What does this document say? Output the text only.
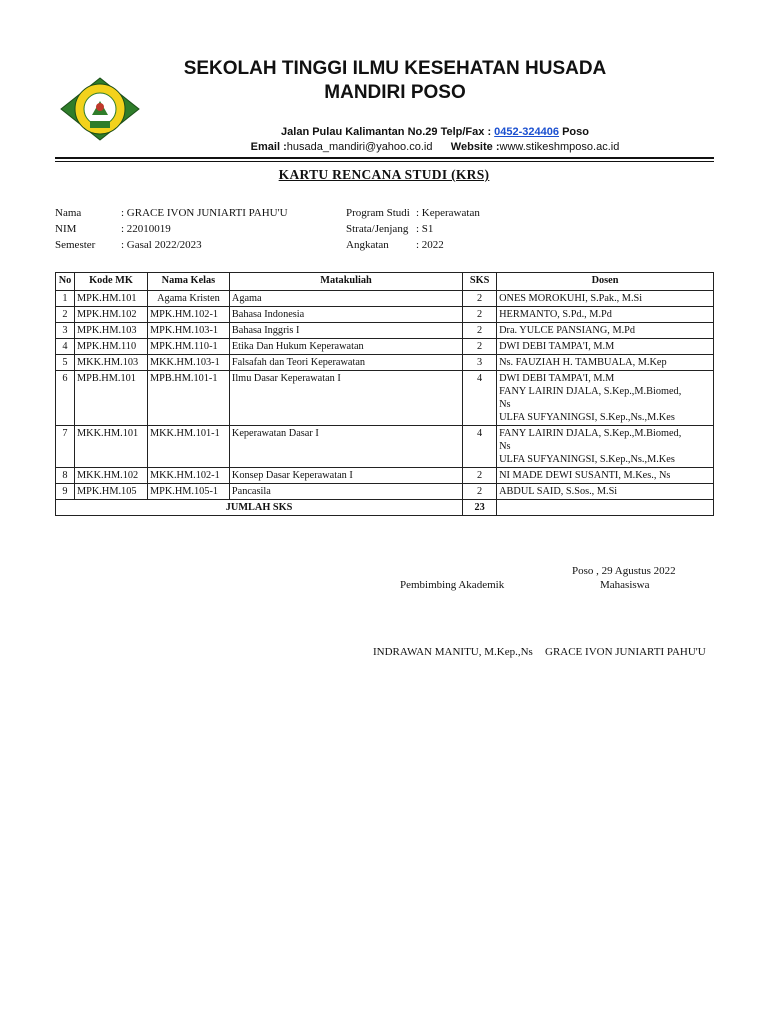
SEKOLAH TINGGI ILMU KESEHATAN HUSADA MANDIRI POSO
Jalan Pulau Kalimantan No.29 Telp/Fax : 0452-324406 Poso
Email :husada_mandiri@yahoo.co.id Website :www.stikeshmposo.ac.id
KARTU RENCANA STUDI (KRS)
Nama	: GRACE IVON JUNIARTI PAHU'U
NIM	: 22010019
Semester : Gasal 2022/2023
Program Studi : Keperawatan
Strata/Jenjang : S1
Angkatan : 2022
No	Kode MK	Nama Kelas	Matakuliah	SKS	Dosen
1	MPK.HM.101	Agama Kristen	Agama	2	ONES MOROKUHI, S.Pak., M.Si

2	MPK.HM.102	MPK.HM.102-1	Bahasa Indonesia	2	HERMANTO, S.Pd., M.Pd

3	MPK.HM.103	MPK.HM.103-1	Bahasa Inggris I	2	Dra. YULCE PANSIANG, M.Pd

4	MPK.HM.110	MPK.HM.110-1	Etika Dan Hukum Keperawatan	2	DWI DEBI TAMPA'I, M.M

5	MKK.HM.103	MKK.HM.103-1	Falsafah dan Teori Keperawatan	3	Ns. FAUZIAH H. TAMBUALA, M.Kep

6	MPB.HM.101	MPB.HM.101-1	Ilmu Dasar Keperawatan I	4	DWI DEBI TAMPA'I, M.M
FANY LAIRIN DJALA, S.Kep.,M.Biomed,
Ns
ULFA SUFYANINGSI, S.Kep.,Ns.,M.Kes

7	MKK.HM.101	MKK.HM.101-1	Keperawatan Dasar I	4	FANY LAIRIN DJALA, S.Kep.,M.Biomed,
Ns
ULFA SUFYANINGSI, S.Kep.,Ns.,M.Kes

8	MKK.HM.102	MKK.HM.102-1	Konsep Dasar Keperawatan I	2	NI MADE DEWI SUSANTI, M.Kes., Ns

9	MPK.HM.105	MPK.HM.105-1	Pancasila	2	ABDUL SAID, S.Sos., M.Si

JUMLAH SKS				23	
Poso , 29 Agustus 2022
Pembimbing Akademik	Mahasiswa
INDRAWAN MANITU, M.Kep.,Ns GRACE IVON JUNIARTI PAHU'U
